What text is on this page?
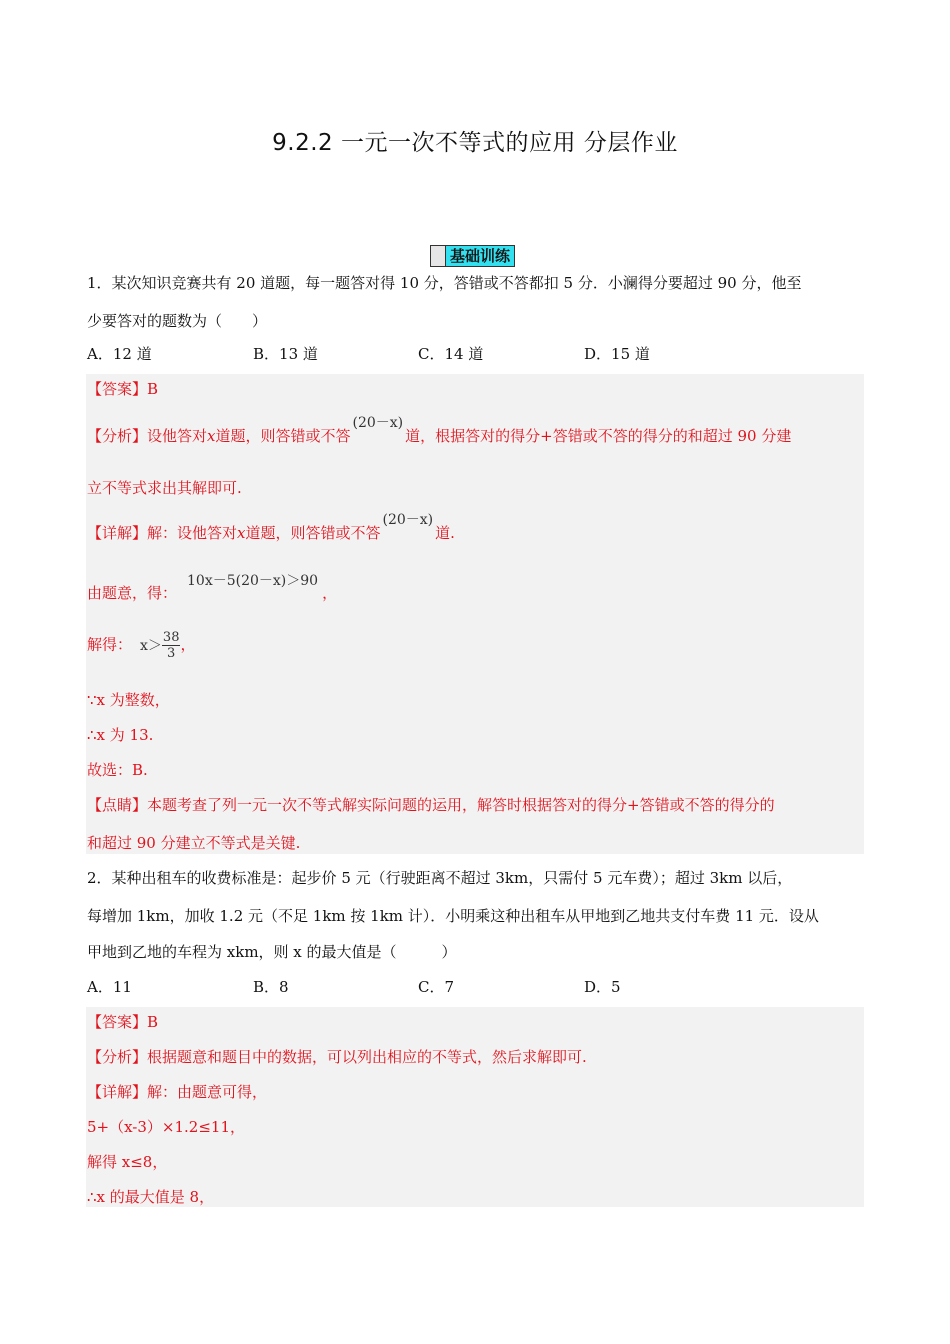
9.2.2 一元一次不等式的应用 分层作业
基础训练
1．某次知识竞赛共有 20 道题，每一题答对得 10 分，答错或不答都扣 5 分．小澜得分要超过 90 分，他至
少要答对的题数为（　　）
A．12 道	B．13 道	C．14 道	D．15 道
【答案】B
【分析】设他答对x道题，则答错或不答(20－x)道，根据答对的得分+答错或不答的得分的和超过 90 分建
立不等式求出其解即可.
【详解】解：设他答对x道题，则答错或不答(20－x)道.
由题意，得：10x－5(20－x)＞90，
解得： $x> \frac{38}{3}$ ，
∵x 为整数，
∴x 为 13.
故选：B.
【点睛】本题考查了列一元一次不等式解实际问题的运用，解答时根据答对的得分+答错或不答的得分的
和超过 90 分建立不等式是关键.
2．某种出租车的收费标准是：起步价 5 元（行驶距离不超过 3km，只需付 5 元车费）；超过 3km 以后，
每增加 1km，加收 1.2 元（不足 1km 按 1km 计）．小明乘这种出租车从甲地到乙地共支付车费 11 元．设从
甲地到乙地的车程为 xkm，则 x 的最大值是（　　　）
A．11	B．8	C．7	D．5
【答案】B
【分析】根据题意和题目中的数据，可以列出相应的不等式，然后求解即可.
【详解】解：由题意可得，
5+（x-3）×1.2≤11，
解得 x≤8，
∴x 的最大值是 8，
